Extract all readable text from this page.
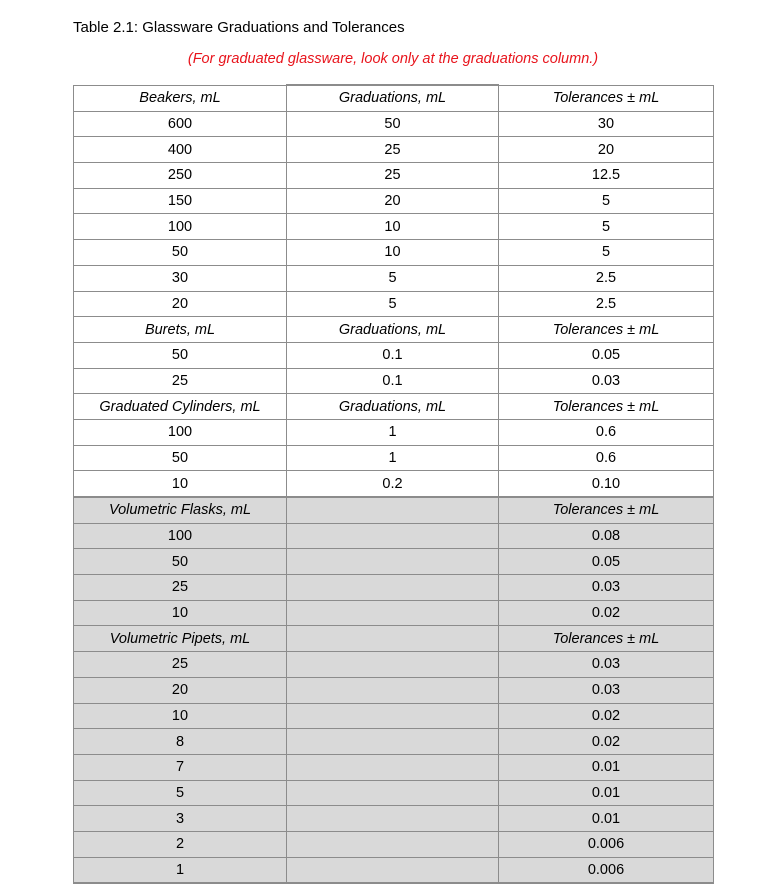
Table 2.1: Glassware Graduations and Tolerances
(For graduated glassware, look only at the graduations column.)
Beakers, mL	Graduations, mL	Tolerances ± mL
600	50	30
400	25	20
250	25	12.5
150	20	5
100	10	5
50	10	5
30	5	2.5
20	5	2.5
Burets, mL	Graduations, mL	Tolerances ± mL
50	0.1	0.05
25	0.1	0.03
Graduated Cylinders, mL	Graduations, mL	Tolerances ± mL
100	1	0.6
50	1	0.6
10	0.2	0.10
Volumetric Flasks, mL		Tolerances ± mL
100		0.08
50		0.05
25		0.03
10		0.02
Volumetric Pipets, mL		Tolerances ± mL
25		0.03
20		0.03
10		0.02
8		0.02
7		0.01
5		0.01
3		0.01
2		0.006
1		0.006
